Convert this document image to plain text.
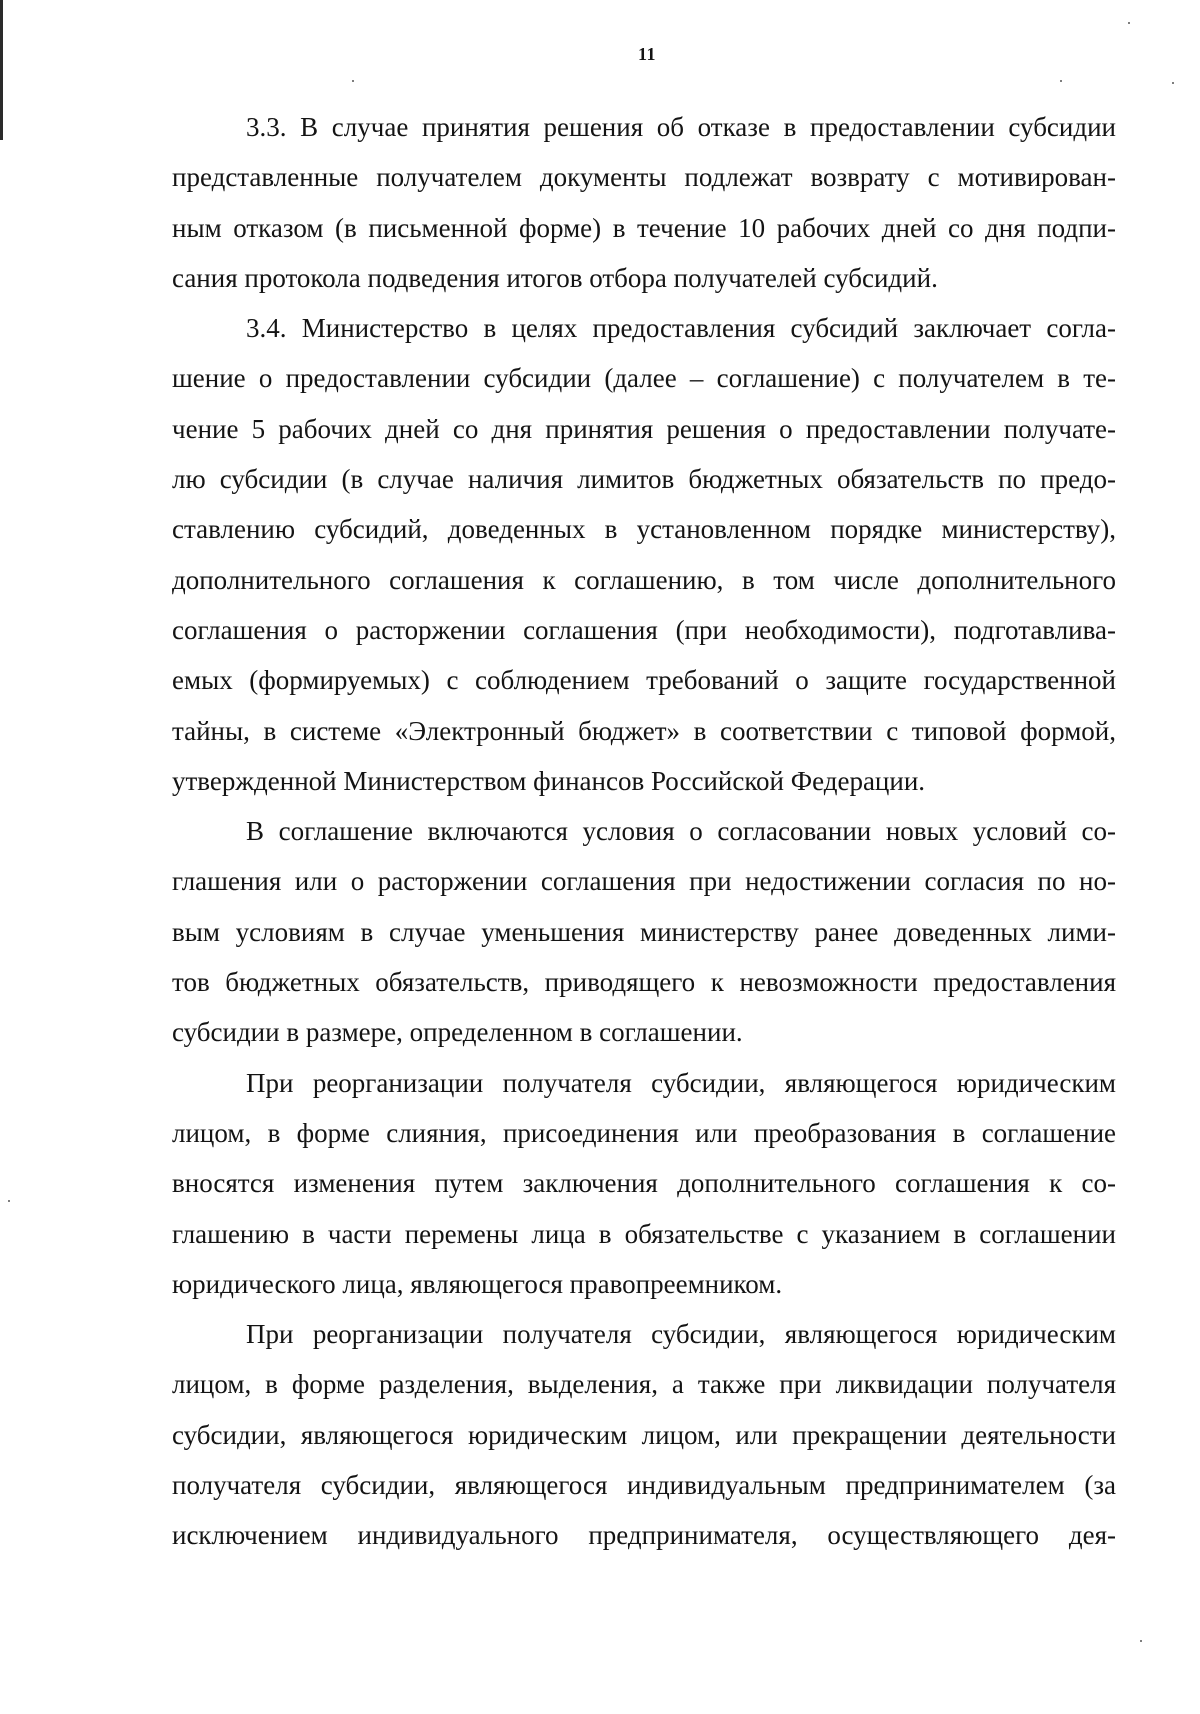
11
3.3. В случае принятия решения об отказе в предоставлении субсидии
представленные получателем документы подлежат возврату с мотивирован-
ным отказом (в письменной форме) в течение 10 рабочих дней со дня подпи-
сания протокола подведения итогов отбора получателей субсидий.
3.4. Министерство в целях предоставления субсидий заключает согла-
шение о предоставлении субсидии (далее – соглашение) с получателем в те-
чение 5 рабочих дней со дня принятия решения о предоставлении получате-
лю субсидии (в случае наличия лимитов бюджетных обязательств по предо-
ставлению субсидий, доведенных в установленном порядке министерству),
дополнительного соглашения к соглашению, в том числе дополнительного
соглашения о расторжении соглашения (при необходимости), подготавлива-
емых (формируемых) с соблюдением требований о защите государственной
тайны, в системе «Электронный бюджет» в соответствии с типовой формой,
утвержденной Министерством финансов Российской Федерации.
В соглашение включаются условия о согласовании новых условий со-
глашения или о расторжении соглашения при недостижении согласия по но-
вым условиям в случае уменьшения министерству ранее доведенных лими-
тов бюджетных обязательств, приводящего к невозможности предоставления
субсидии в размере, определенном в соглашении.
При реорганизации получателя субсидии, являющегося юридическим
лицом, в форме слияния, присоединения или преобразования в соглашение
вносятся изменения путем заключения дополнительного соглашения к со-
глашению в части перемены лица в обязательстве с указанием в соглашении
юридического лица, являющегося правопреемником.
При реорганизации получателя субсидии, являющегося юридическим
лицом, в форме разделения, выделения, а также при ликвидации получателя
субсидии, являющегося юридическим лицом, или прекращении деятельности
получателя субсидии, являющегося индивидуальным предпринимателем (за
исключением индивидуального предпринимателя, осуществляющего дея-
